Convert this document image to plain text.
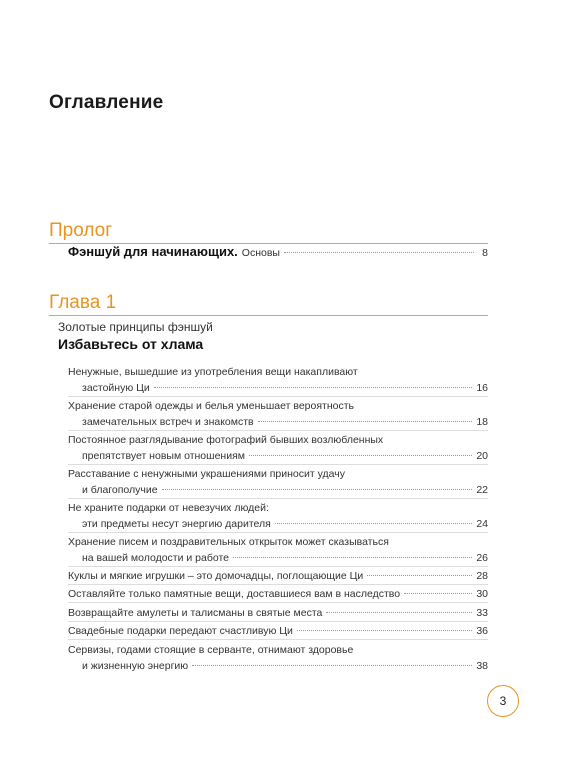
Оглавление
Пролог
Фэншуй для начинающих. Основы	8
Глава 1
Золотые принципы фэншуй
Избавьтесь от хлама
Ненужные, вышедшие из употребления вещи накапливают
застойную Ци	16
Хранение старой одежды и белья уменьшает вероятность
замечательных встреч и знакомств	18
Постоянное разглядывание фотографий бывших возлюбленных
препятствует новым отношениям	20
Расставание с ненужными украшениями приносит удачу
и благополучие	22
Не храните подарки от невезучих людей:
эти предметы несут энергию дарителя	24
Хранение писем и поздравительных открыток может сказываться
на вашей молодости и работе	26
Куклы и мягкие игрушки – это домочадцы, поглощающие Ци	28
Оставляйте только памятные вещи, доставшиеся вам в наследство	30
Возвращайте амулеты и талисманы в святые места	33
Свадебные подарки передают счастливую Ци	36
Сервизы, годами стоящие в серванте, отнимают здоровье
и жизненную энергию	38
3
